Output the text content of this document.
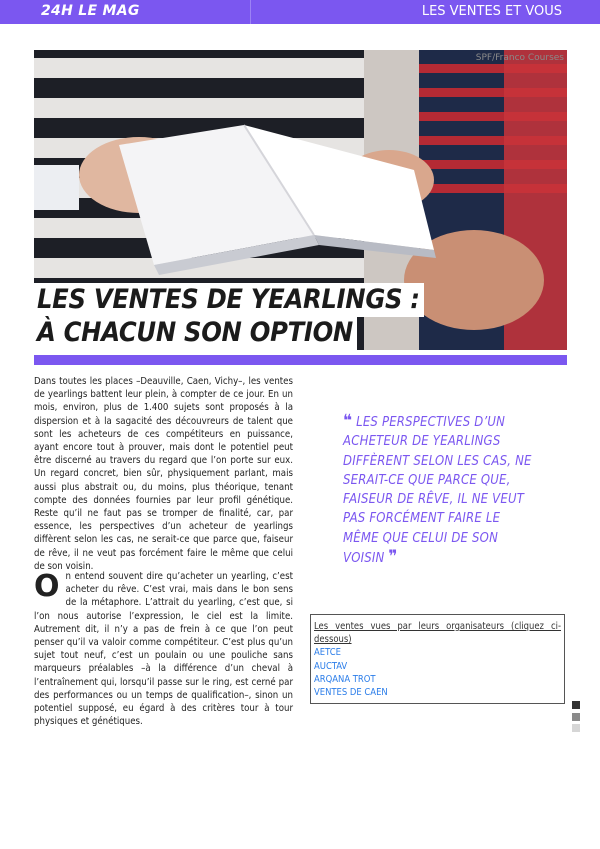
24H LE MAG	LES VENTES ET VOUS
SPF/Franco Courses
LES VENTES DE YEARLINGS :
À CHACUN SON OPTION
Dans toutes les places –Deauville, Caen, Vichy–, les ventes de yearlings battent leur plein, à compter de ce jour. En un mois, environ, plus de 1.400 sujets sont proposés à la dispersion et à la sagacité des découvreurs de talent que sont les acheteurs de ces compétiteurs en puissance, ayant encore tout à prouver, mais dont le potentiel peut être discerné au travers du regard que l’on porte sur eux. Un regard concret, bien sûr, physiquement parlant, mais aussi plus abstrait ou, du moins, plus théorique, tenant compte des données fournies par leur profil génétique. Reste qu’il ne faut pas se tromper de finalité, car, par essence, les perspectives d’un acheteur de yearlings diffèrent selon les cas, ne serait-ce que parce que, faiseur de rêve, il ne veut pas forcément faire le même que celui de son voisin.
On entend souvent dire qu’acheter un yearling, c’est acheter du rêve. C’est vrai, mais dans le bon sens de la métaphore. L’attrait du yearling, c’est que, si l’on nous autorise l’expression, le ciel est la limite. Autrement dit, il n’y a pas de frein à ce que l’on peut penser qu’il va valoir comme compétiteur. C’est plus qu’un sujet tout neuf, c’est un poulain ou une pouliche sans marqueurs préalables –à la différence d’un cheval à l’entraînement qui, lorsqu’il passe sur le ring, est cerné par des performances ou un temps de qualification–, sinon un potentiel supposé, eu égard à des critères tour à tour physiques et génétiques.
❝ LES PERSPECTIVES D’UN ACHETEUR DE YEARLINGS DIFFÈRENT SELON LES CAS, NE SERAIT-CE QUE PARCE QUE, FAISEUR DE RÊVE, IL NE VEUT PAS FORCÉMENT FAIRE LE MÊME QUE CELUI DE SON VOISIN ❞
Les ventes vues par leurs organisateurs (cliquez ci-dessous)
AETCE
AUCTAV
ARQANA TROT
VENTES DE CAEN
